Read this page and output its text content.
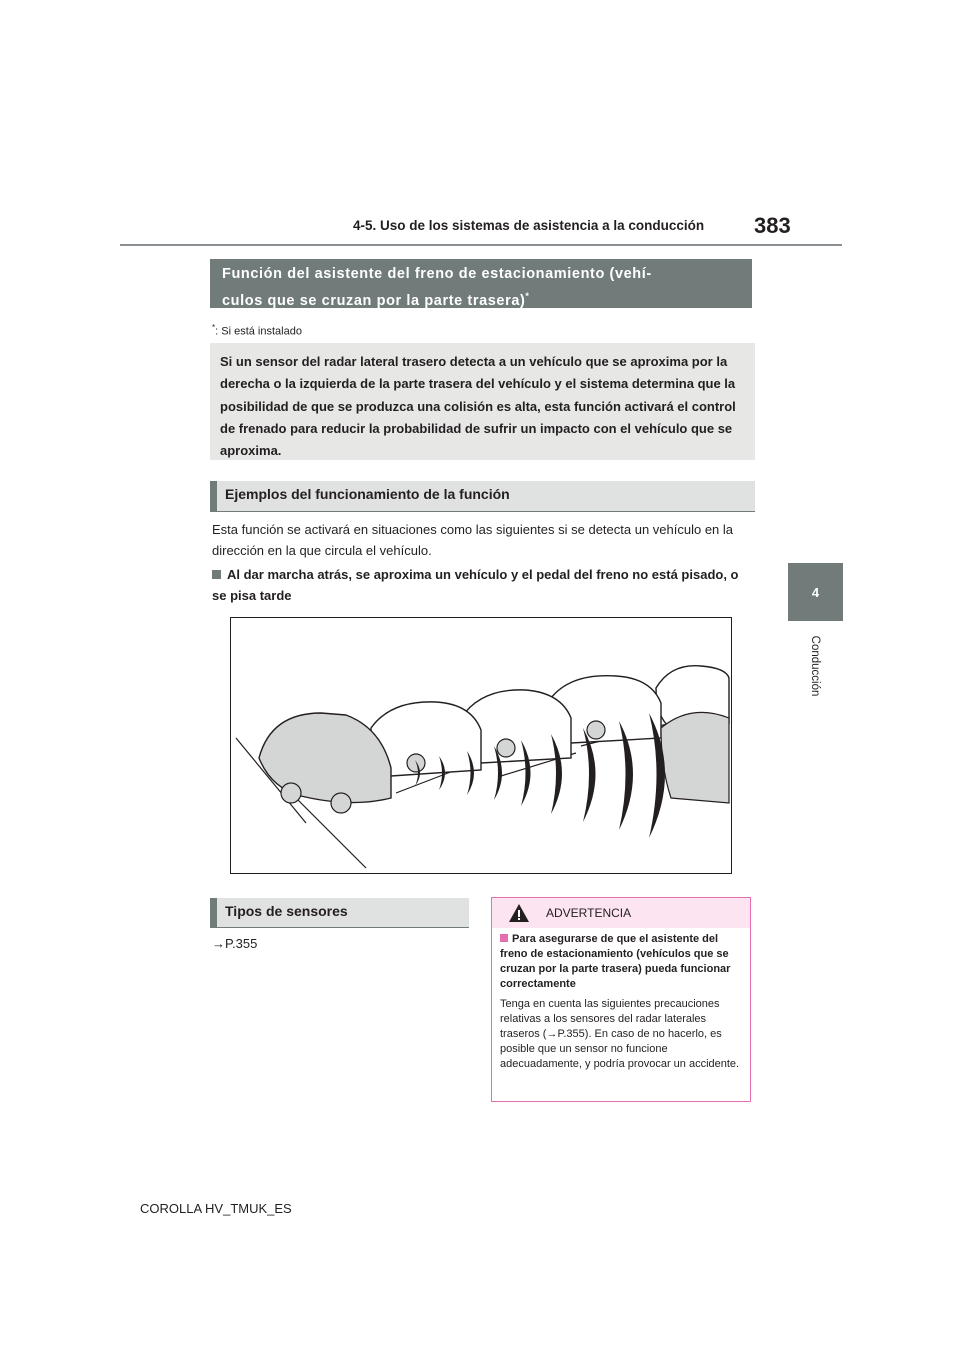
4-5. Uso de los sistemas de asistencia a la conducción 383
4
Conducción
Función del asistente del freno de estacionamiento (vehí-
culos que se cruzan por la parte trasera)*
*: Si está instalado
Si un sensor del radar lateral trasero detecta a un vehículo que se aproxima por la derecha o la izquierda de la parte trasera del vehículo y el sistema determina que la posibilidad de que se produzca una colisión es alta, esta función activará el control de frenado para reducir la probabilidad de sufrir un impacto con el vehículo que se aproxima.
Ejemplos del funcionamiento de la función
Esta función se activará en situaciones como las siguientes si se detecta un vehículo en la dirección en la que circula el vehículo.
Al dar marcha atrás, se aproxima un vehículo y el pedal del freno no está pisado, o se pisa tarde
Tipos de sensores
→P.355
ADVERTENCIA
Para asegurarse de que el asistente del freno de estacionamiento (vehículos que se cruzan por la parte trasera) pueda funcionar correctamente
Tenga en cuenta las siguientes precauciones relativas a los sensores del radar laterales traseros (→P.355). En caso de no hacerlo, es posible que un sensor no funcione adecuadamente, y podría provocar un accidente.
COROLLA HV_TMUK_ES
